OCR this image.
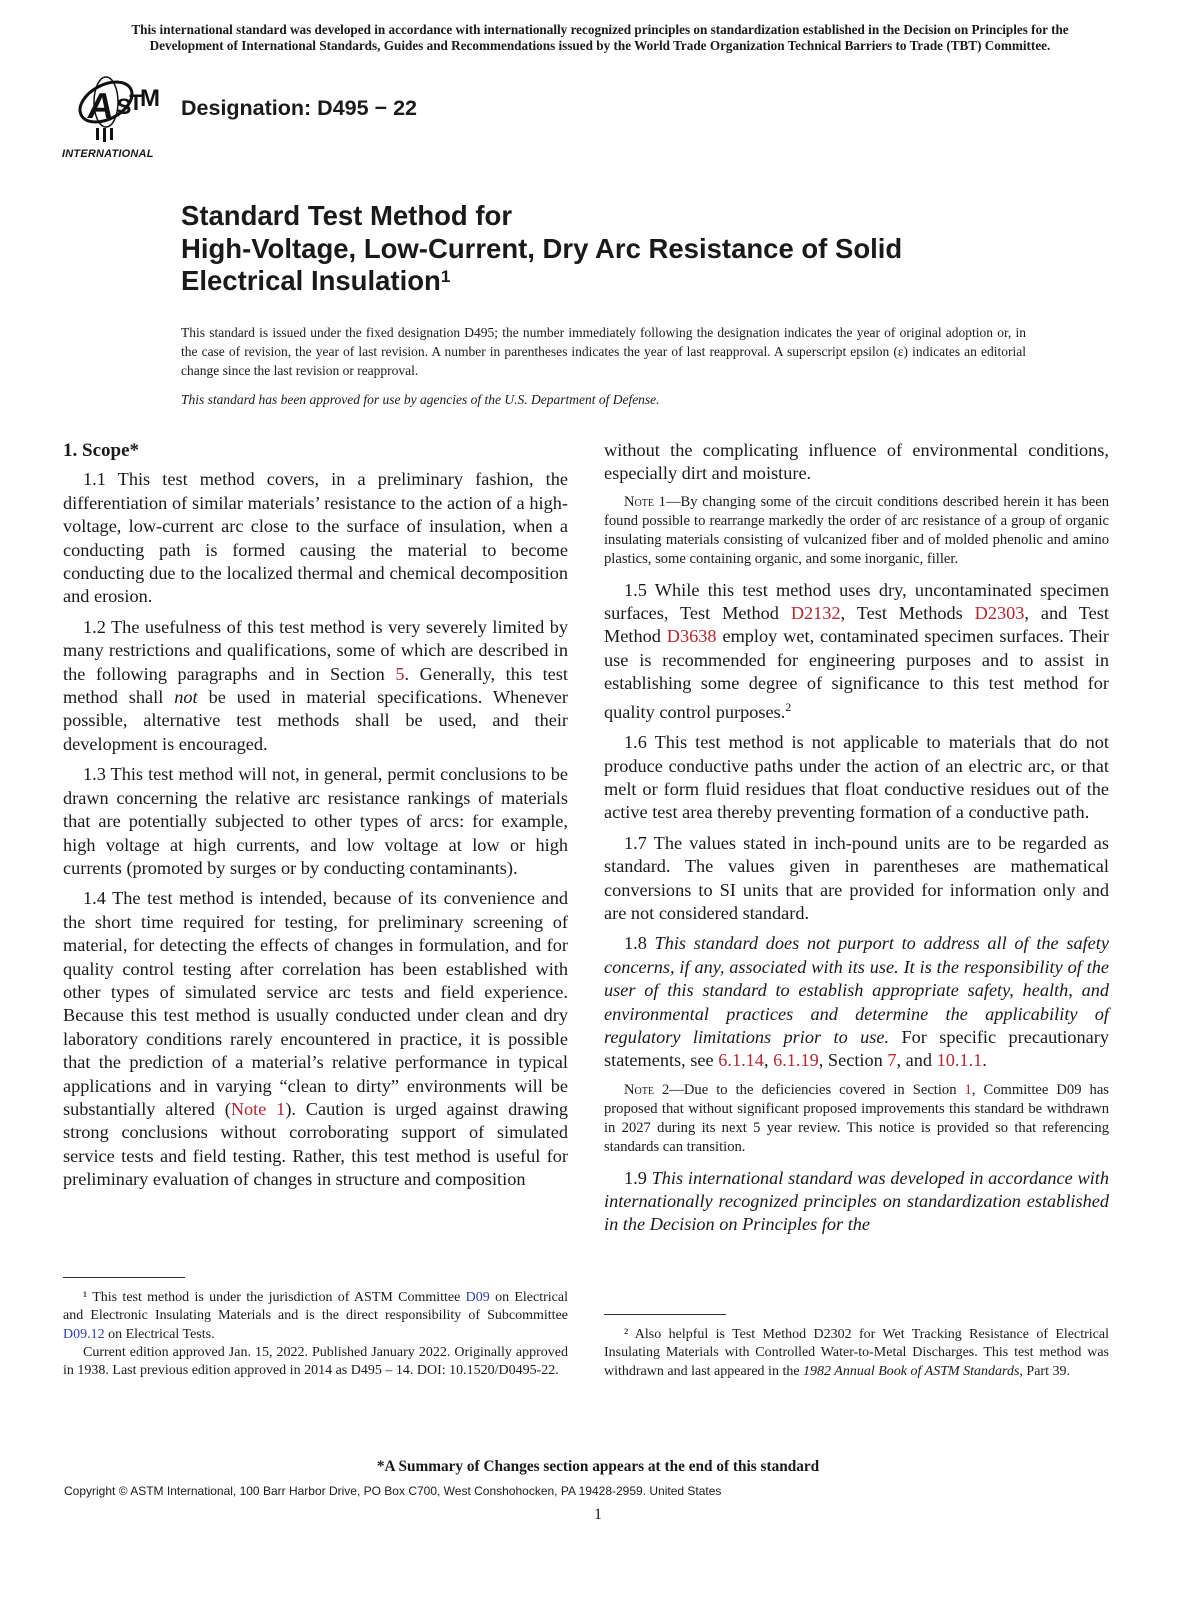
This international standard was developed in accordance with internationally recognized principles on standardization established in the Decision on Principles for the
Development of International Standards, Guides and Recommendations issued by the World Trade Organization Technical Barriers to Trade (TBT) Committee.
A S
T
M
INTERNATIONAL
Designation: D495 − 22
Standard Test Method for
High-Voltage, Low-Current, Dry Arc Resistance of Solid
Electrical Insulation$^1$
This standard is issued under the fixed designation D495; the number immediately following the designation indicates the year of original adoption or, in the case of revision, the year of last revision. A number in parentheses indicates the year of last reapproval. A superscript epsilon (ε) indicates an editorial change since the last revision or reapproval.
This standard has been approved for use by agencies of the U.S. Department of Defense.

1. Scope*

1.1 This test method covers, in a preliminary fashion, the differentiation of similar materials’ resistance to the action of a high-voltage, low-current arc close to the surface of insulation, when a conducting path is formed causing the material to become conducting due to the localized thermal and chemical decomposition and erosion.

1.2 The usefulness of this test method is very severely limited by many restrictions and qualifications, some of which are described in the following paragraphs and in Section 5. Generally, this test method shall not be used in material specifications. Whenever possible, alternative test methods shall be used, and their development is encouraged.

1.3 This test method will not, in general, permit conclusions to be drawn concerning the relative arc resistance rankings of materials that are potentially subjected to other types of arcs: for example, high voltage at high currents, and low voltage at low or high currents (promoted by surges or by conducting contaminants).

1.4 The test method is intended, because of its convenience and the short time required for testing, for preliminary screening of material, for detecting the effects of changes in formulation, and for quality control testing after correlation has been established with other types of simulated service arc tests and field experience. Because this test method is usually conducted under clean and dry laboratory conditions rarely encountered in practice, it is possible that the prediction of a material’s relative performance in typical applications and in varying “clean to dirty” environments will be substantially altered (Note 1). Caution is urged against drawing strong conclusions without corroborating support of simulated service tests and field testing. Rather, this test method is useful for preliminary evaluation of changes in structure and composition

¹ This test method is under the jurisdiction of ASTM Committee D09 on Electrical and Electronic Insulating Materials and is the direct responsibility of Subcommittee D09.12 on Electrical Tests.

Current edition approved Jan. 15, 2022. Published January 2022. Originally approved in 1938. Last previous edition approved in 2014 as D495 – 14. DOI: 10.1520/D0495-22.

without the complicating influence of environmental conditions, especially dirt and moisture.

Note 1—By changing some of the circuit conditions described herein it has been found possible to rearrange markedly the order of arc resistance of a group of organic insulating materials consisting of vulcanized fiber and of molded phenolic and amino plastics, some containing organic, and some inorganic, filler.

1.5 While this test method uses dry, uncontaminated specimen surfaces, Test Method D2132, Test Methods D2303, and Test Method D3638 employ wet, contaminated specimen surfaces. Their use is recommended for engineering purposes and to assist in establishing some degree of significance to this test method for quality control purposes.$^2$

1.6 This test method is not applicable to materials that do not produce conductive paths under the action of an electric arc, or that melt or form fluid residues that float conductive residues out of the active test area thereby preventing formation of a conductive path.

1.7 The values stated in inch-pound units are to be regarded as standard. The values given in parentheses are mathematical conversions to SI units that are provided for information only and are not considered standard.

1.8 This standard does not purport to address all of the safety concerns, if any, associated with its use. It is the responsibility of the user of this standard to establish appropriate safety, health, and environmental practices and determine the applicability of regulatory limitations prior to use. For specific precautionary statements, see 6.1.14, 6.1.19, Section 7, and 10.1.1.

Note 2—Due to the deficiencies covered in Section 1, Committee D09 has proposed that without significant proposed improvements this standard be withdrawn in 2027 during its next 5 year review. This notice is provided so that referencing standards can transition.

1.9 This international standard was developed in accordance with internationally recognized principles on standardization established in the Decision on Principles for the

² Also helpful is Test Method D2302 for Wet Tracking Resistance of Electrical Insulating Materials with Controlled Water-to-Metal Discharges. This test method was withdrawn and last appeared in the 1982 Annual Book of ASTM Standards, Part 39.

*A Summary of Changes section appears at the end of this standard
Copyright © ASTM International, 100 Barr Harbor Drive, PO Box C700, West Conshohocken, PA 19428-2959. United States
1
